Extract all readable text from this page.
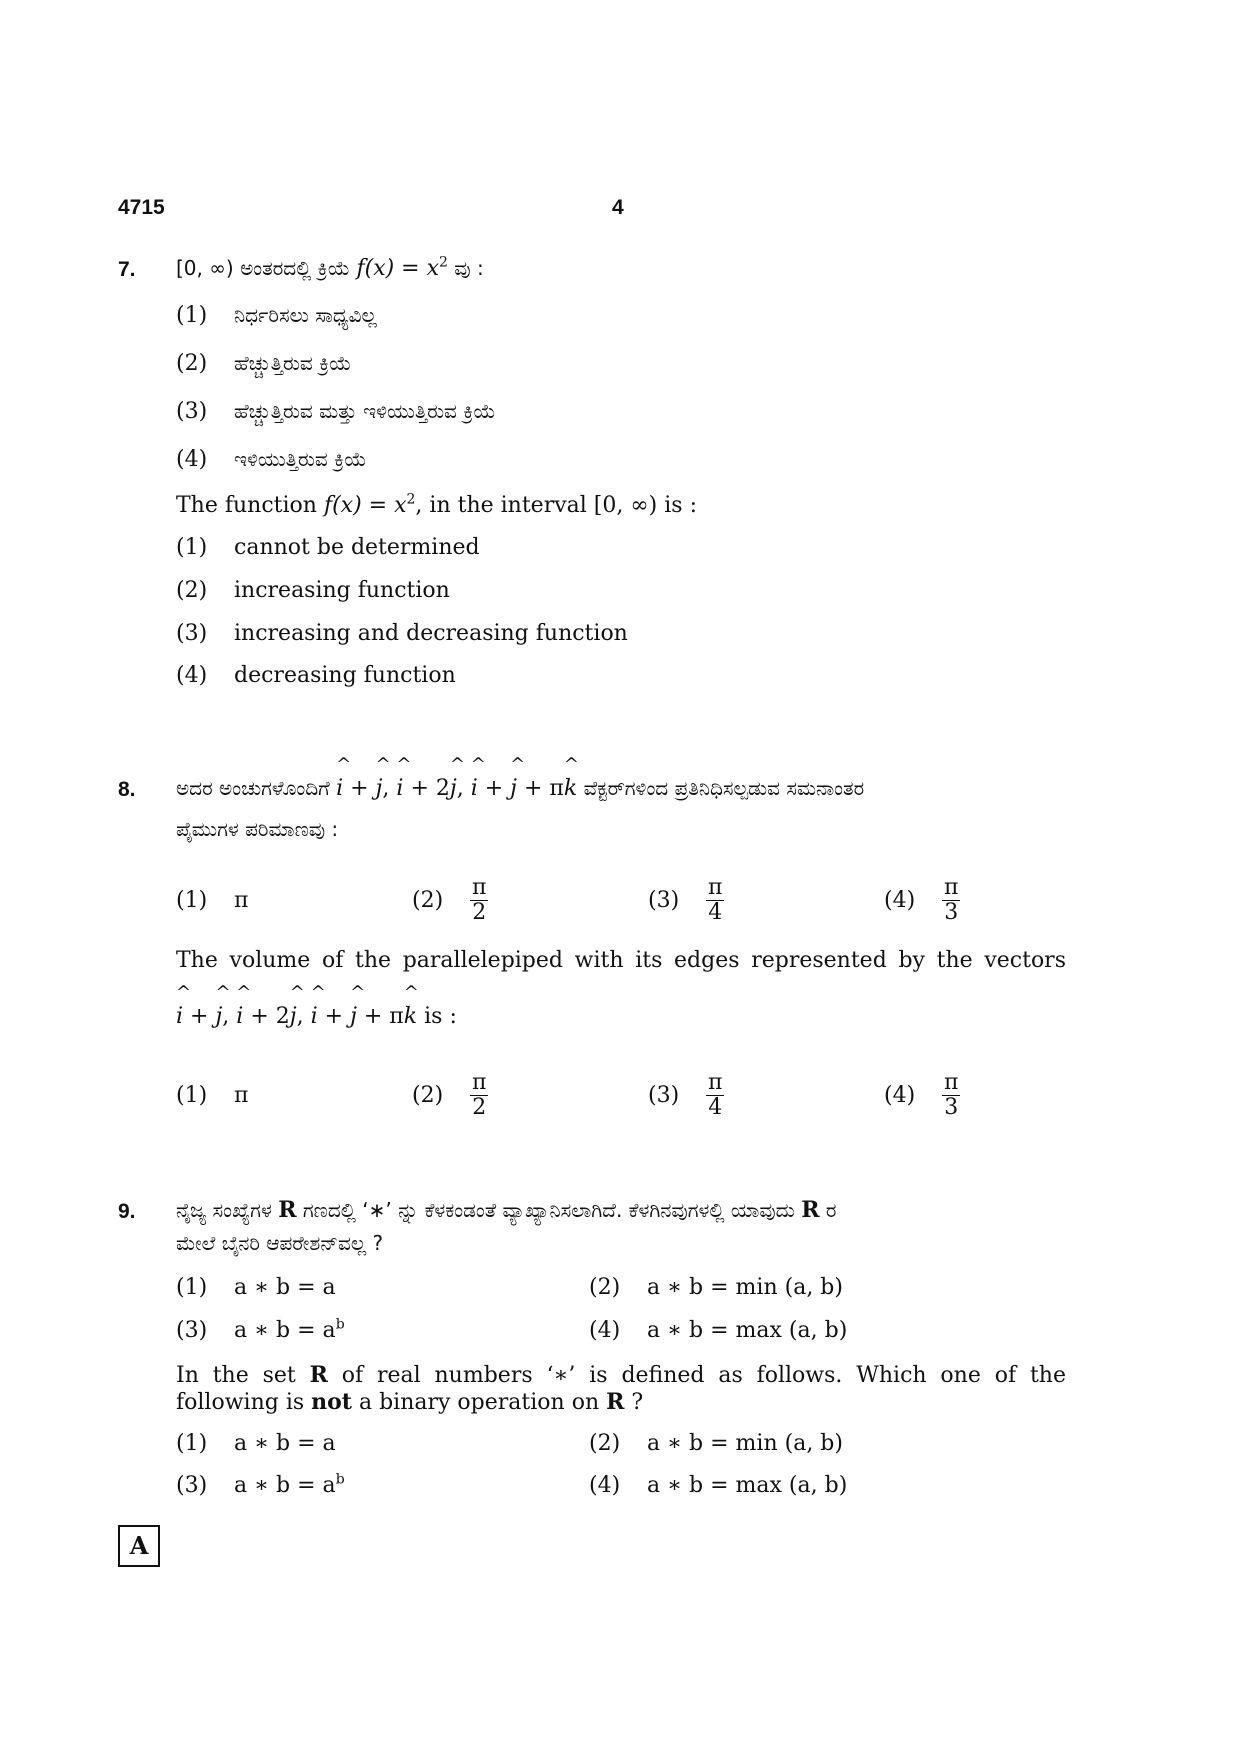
4715	4
7. [0, ∞) ಅಂತರದಲ್ಲಿ ಕ್ರಿಯೆ $f(x) = x^2$ ವು :
(1) ನಿರ್ಧರಿಸಲು ಸಾಧ್ಯವಿಲ್ಲ
(2) ಹೆಚ್ಚುತ್ತಿರುವ ಕ್ರಿಯೆ
(3) ಹೆಚ್ಚುತ್ತಿರುವ ಮತ್ತು ಇಳಿಯುತ್ತಿರುವ ಕ್ರಿಯೆ
(4) ಇಳಿಯುತ್ತಿರುವ ಕ್ರಿಯೆ
The function $f(x) = x^2$, in the interval [0, ∞) is :
(1) cannot be determined
(2) increasing function
(3) increasing and decreasing function
(4) decreasing function
8. ಅದರ ಅಂಚುಗಳೊಂದಿಗೆ ^ i + ^ j, ^ i + 2^ j, ^ i + ^ j + π^ k ವೆಕ್ಟರ್‌ಗಳಿಂದ ಪ್ರತಿನಿಧಿಸಲ್ಪಡುವ ಸಮನಾಂತರ
ಪೈಮುಗಳ ಪರಿಮಾಣವು :
(1) π	$(2) \frac{\pi}{2}$	$(3) \frac{\pi}{4}$	$(4) \frac{\pi}{3}$
The volume of the parallelepiped with its edges represented by the vectors
^ i + ^ j, ^ i + 2^ j, ^ i + ^ j + π^ k is :
(1) π	$(2) \frac{\pi}{2}$	$(3) \frac{\pi}{4}$	$(4) \frac{\pi}{3}$
9. ನೈಜ್ಯ ಸಂಖ್ಯೆಗಳ R ಗಣದಲ್ಲಿ ‘∗’ ನ್ನು ಕೆಳಕಂಡಂತೆ ವ್ಯಾಖ್ಯಾನಿಸಲಾಗಿದೆ. ಕೆಳಗಿನವುಗಳಲ್ಲಿ ಯಾವುದು R ರ
ಮೇಲೆ ಬೈನರಿ ಆಪರೇಶನ್‌ವಲ್ಲ ?
(1) a ∗ b = a	(2) a ∗ b = min (a, b)
(3) a ∗ $b = a^b$	(4) a ∗ b = max (a, b)
In the set R of real numbers ‘∗’ is defined as follows. Which one of the
following is not a binary operation on R ?
(1) a ∗ b = a	(2) a ∗ b = min (a, b)
(3) a ∗ $b = a^b$	(4) a ∗ b = max (a, b)
A
